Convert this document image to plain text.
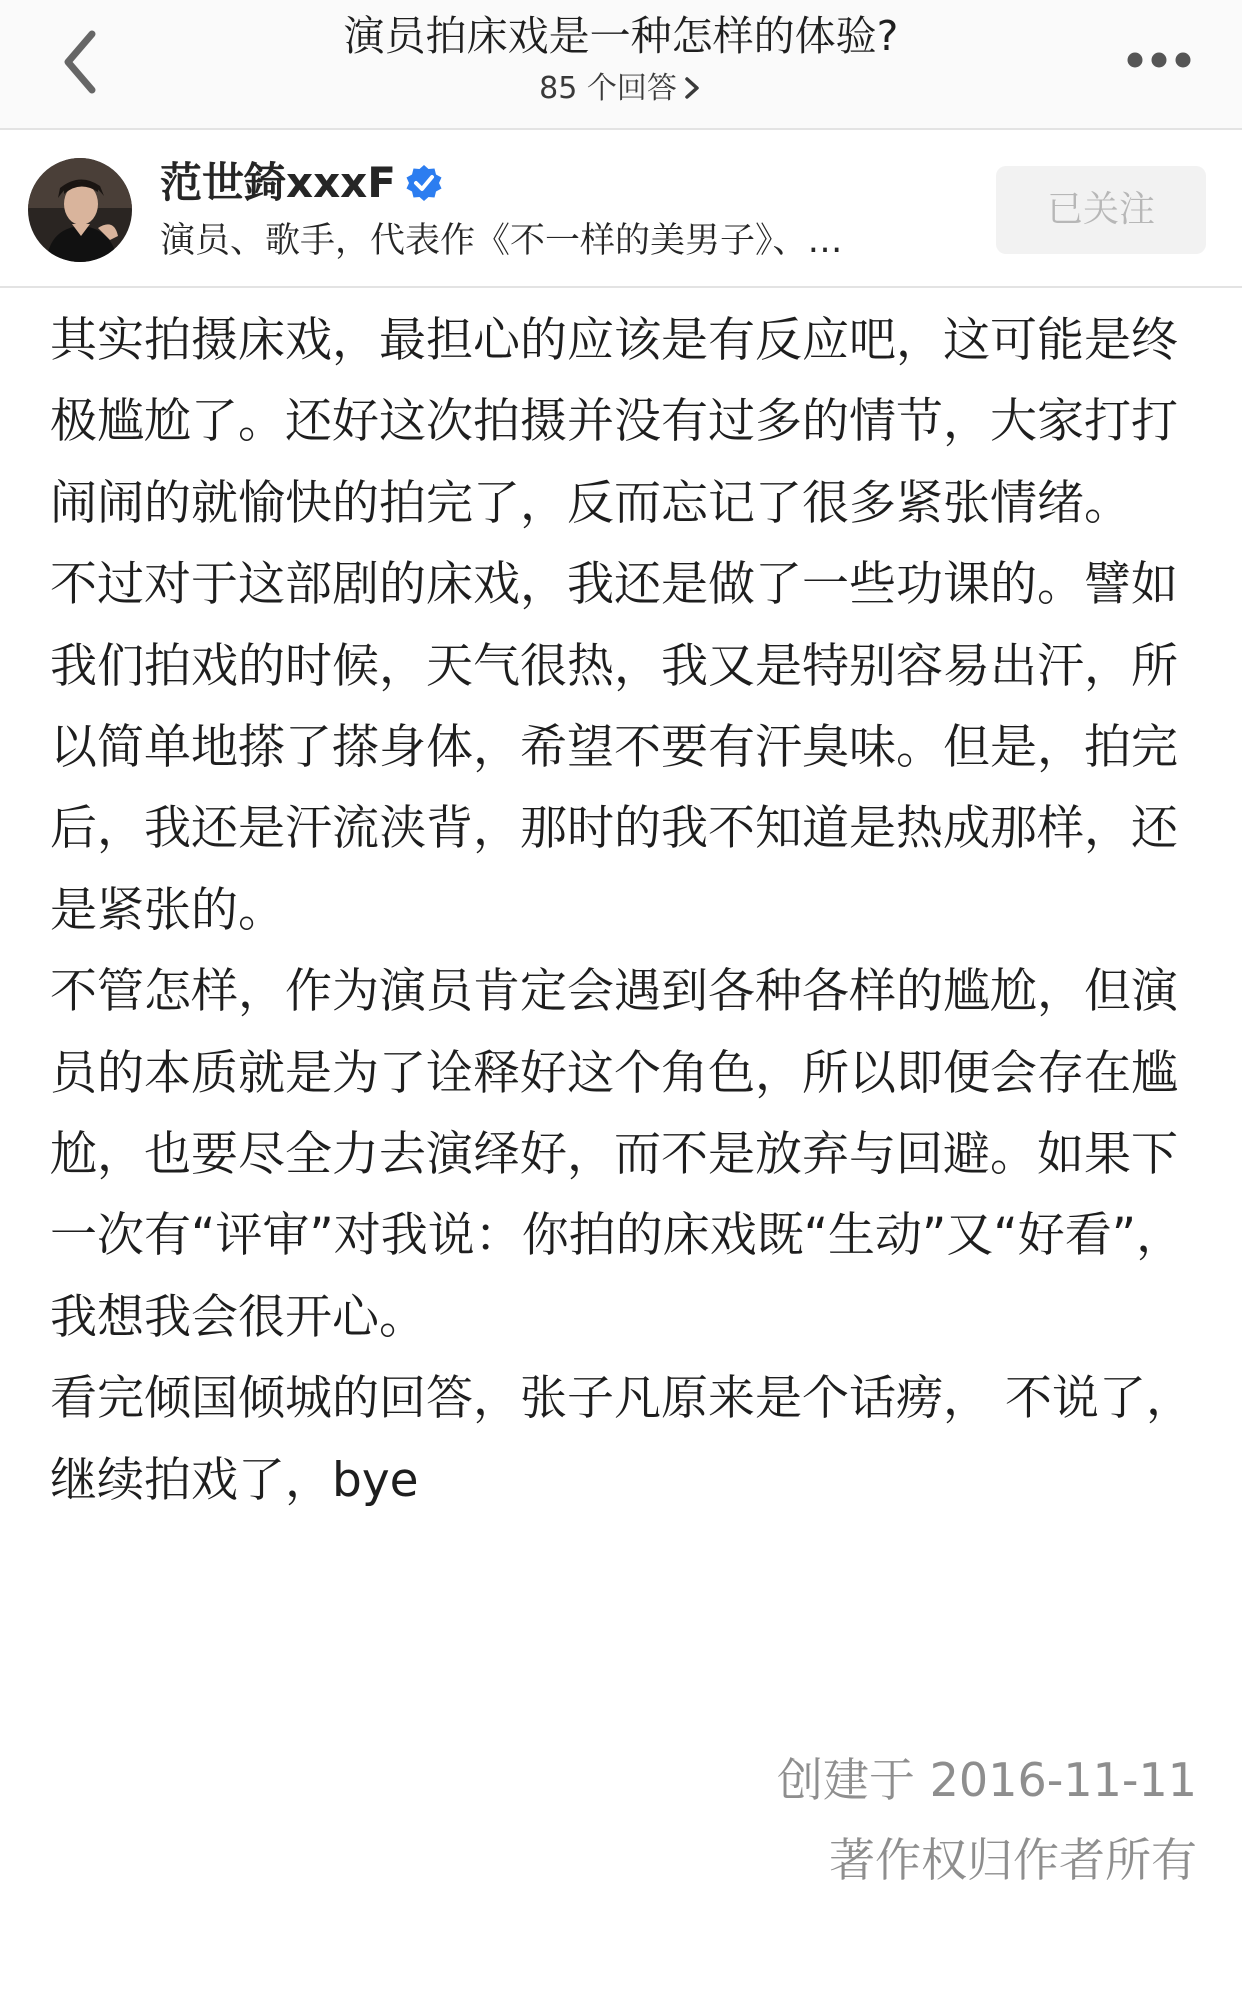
演员拍床戏是一种怎样的体验?
85 个回答
范世錡xxxF
演员、歌手，代表作《不一样的美男子》、…
已关注

其实拍摄床戏，最担心的应该是有反应吧，这可能是终极尴尬了。还好这次拍摄并没有过多的情节，大家打打闹闹的就愉快的拍完了，反而忘记了很多紧张情绪。

不过对于这部剧的床戏，我还是做了一些功课的。譬如我们拍戏的时候，天气很热，我又是特别容易出汗，所以简单地搽了搽身体，希望不要有汗臭味。但是，拍完后，我还是汗流浃背，那时的我不知道是热成那样，还是紧张的。

不管怎样，作为演员肯定会遇到各种各样的尴尬，但演员的本质就是为了诠释好这个角色，所以即便会存在尴尬，也要尽全力去演绎好，而不是放弃与回避。如果下一次有“评审”对我说：你拍的床戏既“生动”又“好看”，我想我会很开心。

看完倾国倾城的回答，张子凡原来是个话痨， 不说了，继续拍戏了，bye

创建于 2016-11-11
著作权归作者所有
